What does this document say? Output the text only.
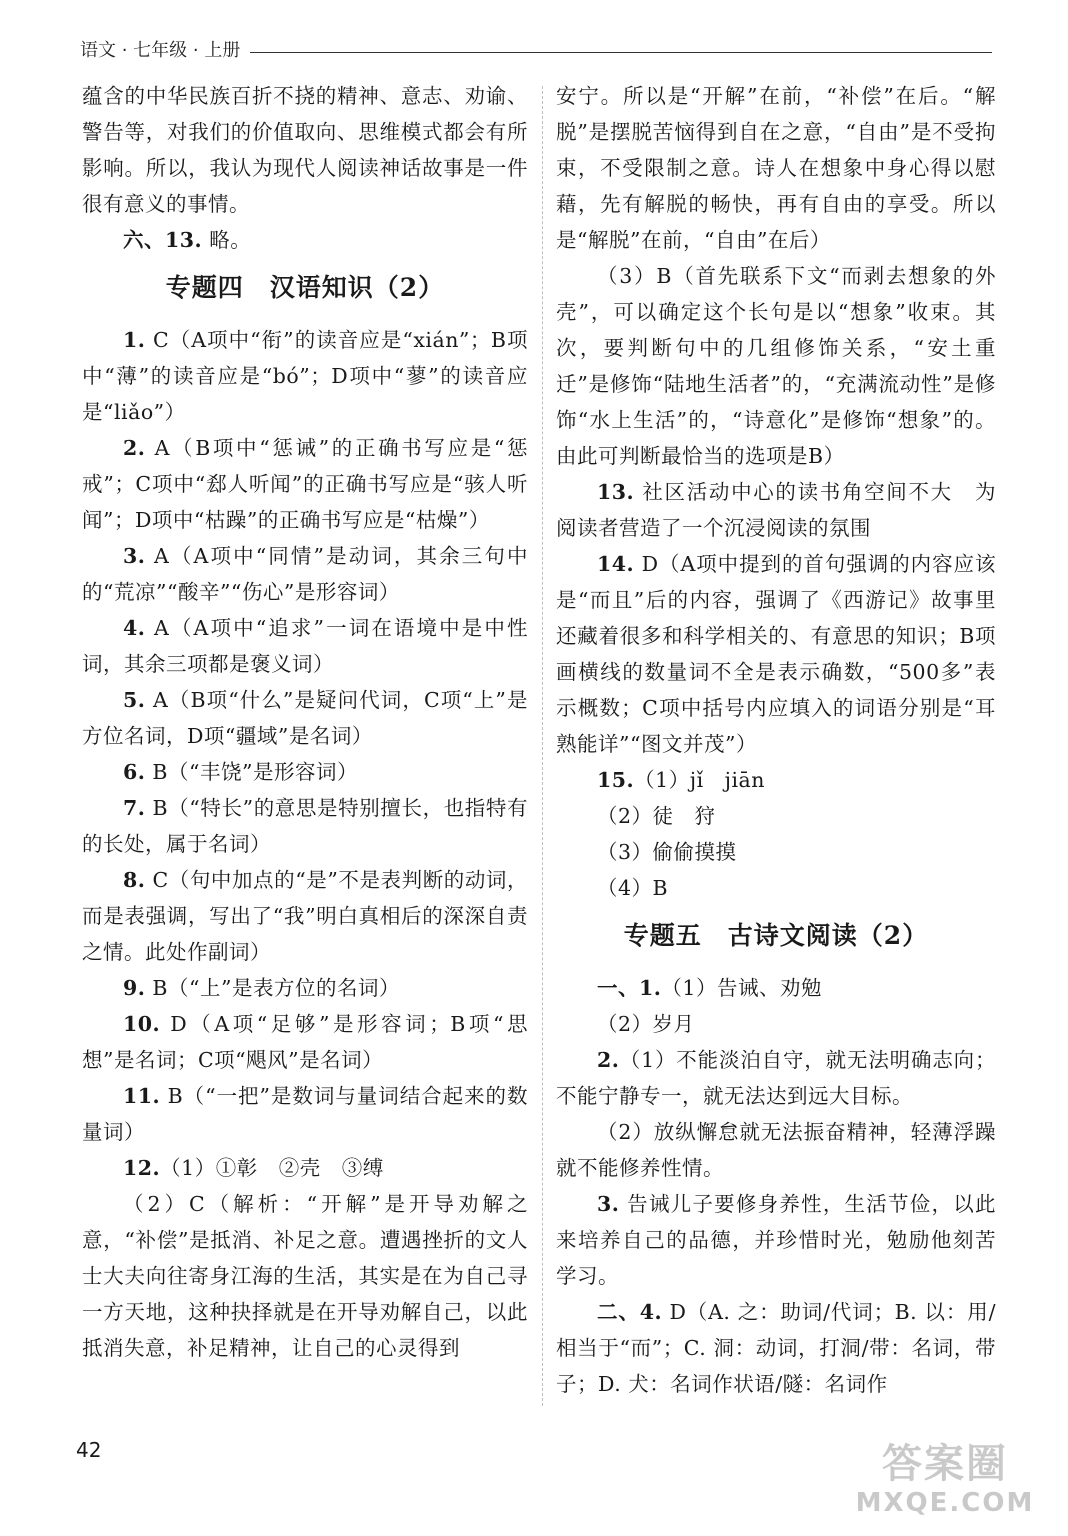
语文 · 七年级 · 上册

蕴含的中华民族百折不挠的精神、意志、劝谕、警告等，对我们的价值取向、思维模式都会有所影响。所以，我认为现代人阅读神话故事是一件很有意义的事情。

六、13. 略。

专题四　汉语知识（2）

1. C（A项中“衔”的读音应是“xián”；B项中“薄”的读音应是“bó”；D项中“蓼”的读音应是“liǎo”）

2. A（B项中“惩诫”的正确书写应是“惩戒”；C项中“郄人听闻”的正确书写应是“骇人听闻”；D项中“枯躁”的正确书写应是“枯燥”）

3. A（A项中“同情”是动词，其余三句中的“荒凉”“酸辛”“伤心”是形容词）

4. A（A项中“追求”一词在语境中是中性词，其余三项都是褒义词）

5. A（B项“什么”是疑问代词，C项“上”是方位名词，D项“疆域”是名词）

6. B（“丰饶”是形容词）

7. B（“特长”的意思是特别擅长，也指特有的长处，属于名词）

8. C（句中加点的“是”不是表判断的动词，而是表强调，写出了“我”明白真相后的深深自责之情。此处作副词）

9. B（“上”是表方位的名词）

10. D（A项“足够”是形容词；B项“思想”是名词；C项“飓风”是名词）

11. B（“一把”是数词与量词结合起来的数量词）

12.（1）①彰　②壳　③缚

（2）C（解析：“开解”是开导劝解之意，“补偿”是抵消、补足之意。遭遇挫折的文人士大夫向往寄身江海的生活，其实是在为自己寻一方天地，这种抉择就是在开导劝解自己，以此抵消失意，补足精神，让自己的心灵得到

安宁。所以是“开解”在前，“补偿”在后。“解脱”是摆脱苦恼得到自在之意，“自由”是不受拘束，不受限制之意。诗人在想象中身心得以慰藉，先有解脱的畅快，再有自由的享受。所以是“解脱”在前，“自由”在后）

（3）B（首先联系下文“而剥去想象的外壳”，可以确定这个长句是以“想象”收束。其次，要判断句中的几组修饰关系，“安土重迁”是修饰“陆地生活者”的，“充满流动性”是修饰“水上生活”的，“诗意化”是修饰“想象”的。由此可判断最恰当的选项是B）

13. 社区活动中心的读书角空间不大　为阅读者营造了一个沉浸阅读的氛围

14. D（A项中提到的首句强调的内容应该是“而且”后的内容，强调了《西游记》故事里还藏着很多和科学相关的、有意思的知识；B项画横线的数量词不全是表示确数，“500多”表示概数；C项中括号内应填入的词语分别是“耳熟能详”“图文并茂”）

15.（1）jǐ　jiān

（2）徒　狩

（3）偷偷摸摸

（4）B

专题五　古诗文阅读（2）

一、1.（1）告诫、劝勉

（2）岁月

2.（1）不能淡泊自守，就无法明确志向；不能宁静专一，就无法达到远大目标。

（2）放纵懈怠就无法振奋精神，轻薄浮躁就不能修养性情。

3. 告诫儿子要修身养性，生活节俭，以此来培养自己的品德，并珍惜时光，勉励他刻苦学习。

二、4. D（A. 之：助词/代词；B. 以：用/相当于“而”；C. 洞：动词，打洞/带：名词，带子；D. 犬：名词作状语/隧：名词作

42	答案圈
MXQE.COM
